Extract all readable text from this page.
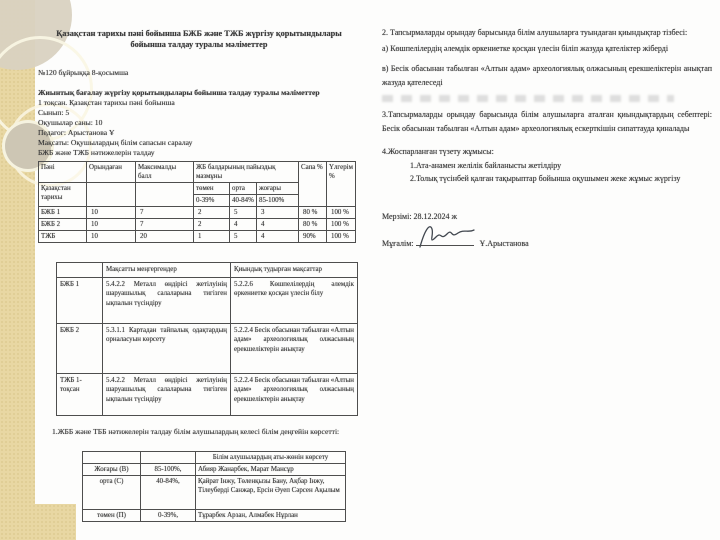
Қазақстан тарихы пәні бойынша БЖБ және ТЖБ жүргізу қорытындылары
бойынша талдау туралы мәліметтер
№120 бұйрыққа 8-қосымша
Жиынтық бағалау жүргізу қорытындылары бойынша талдау туралы мәліметтер
1 тоқсан. Қазақстан тарихы пәні бойынша
Сынып: 5
Оқушылар саны: 10
Педагог: Арыстанова Ұ
Мақсаты: Оқушылардың білім сапасын саралау
БЖБ және ТЖБ нәтижелерін талдау
Пәні	Орындаған	Максималды балл	ЖБ балдарының пайыздық мазмұны			Сапа %	Үлгерім %
Қазақстан тарихы			төмен	орта	жоғары		
			0-39%	40-84%	85-100%		
БЖБ 1	10	7	2	5	3	80 %	100 %
БЖБ 2	10	7	2	4	4	80 %	100 %
ТЖБ	10	20	1	5	4	90%	100 %
	Мақсатты меңгергендер	Қиындық тудырған мақсаттар
БЖБ 1	5.4.2.2 Металл өндірісі жетілуінің шаруашылық салаларына тигізген ықпалын түсіндіру	5.2.2.6 Көшпелілердің әлемдік өркениетке қосқан үлесін білу
БЖБ 2	5.3.1.1 Картадан тайпалық одақтардың орналасуын көрсету	5.2.2.4 Бесік обасынан табылған «Алтын адам» археологиялық олжасының ерекшеліктерін анықтау
ТЖБ 1-тоқсан	5.4.2.2 Металл өндірісі жетілуінің шаруашылық салаларына тигізген ықпалын түсіндіру	5.2.2.4 Бесік обасынан табылған «Алтын адам» археологиялық олжасының ерекшеліктерін анықтау
1.ЖББ және ТББ нәтижелерін талдау білім алушылардың келесі білім деңгейін көрсетті:
		Білім алушылардың аты-жөнін көрсету
Жоғары (В)	85-100%,	Абияр Жанарбек, Марат Мансұр
орта (С)	40-84%,	Қайрат Інжу, Төленқызы Бану, Ақбар Інжу, Тілеуберді Санжар, Ерсін Әуеп Сәрсен Ақылым
төмен (П)	0-39%,	Тұрарбек Арзан, Алмабек Нұрлан
2. Тапсырмаларды орындау барысында білім алушыларға туындаған қиындықтар тізбесі:
а) Көшпелілердің әлемдік өркениетке қосқан үлесін біліп жазуда қателіктер жіберді
в) Бесік обасынан табылған «Алтын адам» археологиялық олжасының ерекшеліктерін анықтап жазуда қателеседі
3.Тапсырмаларды орындау барысында білім алушыларға аталған қиындықтардың себептері: Бесік обасынан табылған «Алтын адам» археологиялық ескерткішін сипаттауда қиналады
4.Жоспарланған түзету жұмысы:
1.Ата-анамен желілік байланысты жетілдіру
2.Толық түсінбей қалған тақырыптар бойынша оқушымен жеке жұмыс жүргізу
Мерзімі: 28.12.2024 ж
Мұғалім:	Ұ.Арыстанова
